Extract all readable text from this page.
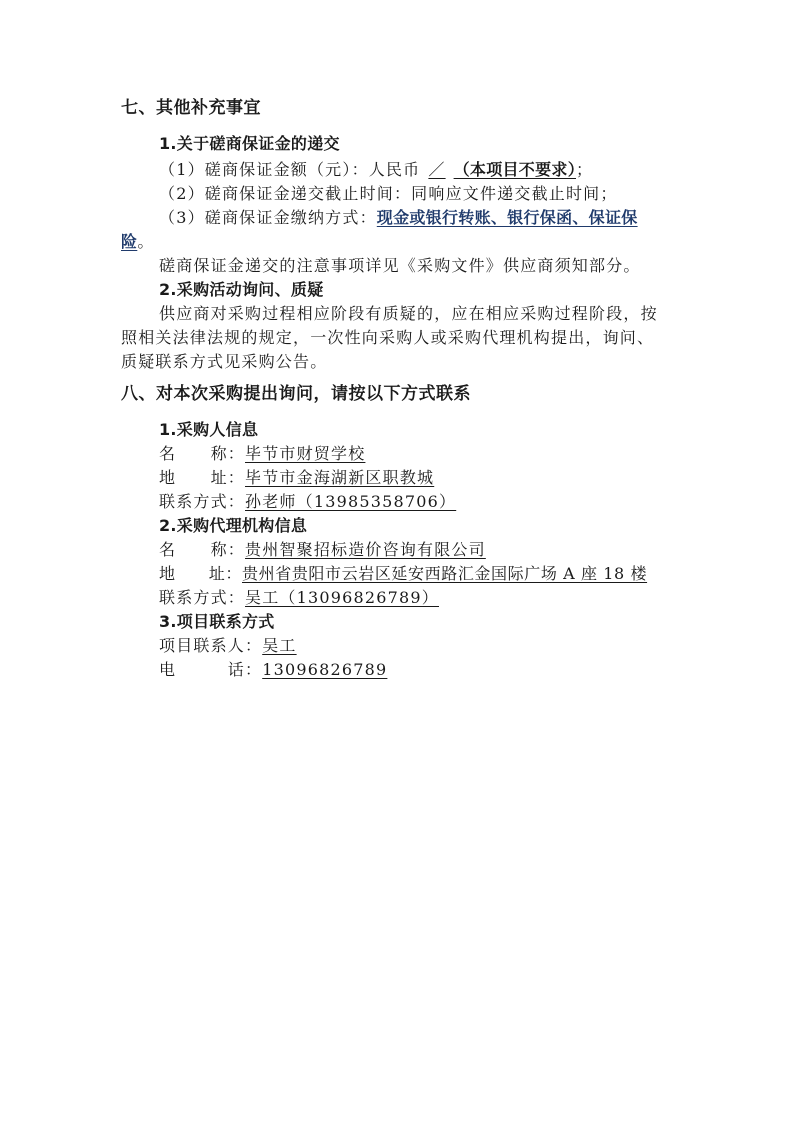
七、其他补充事宜
1.关于磋商保证金的递交
（1）磋商保证金额（元）：人民币 ／ （本项目不要求）；
（2）磋商保证金递交截止时间：同响应文件递交截止时间；
（3）磋商保证金缴纳方式：现金或银行转账、银行保函、保证保
险。
磋商保证金递交的注意事项详见《采购文件》供应商须知部分。
2.采购活动询问、质疑
供应商对采购过程相应阶段有质疑的，应在相应采购过程阶段，按
照相关法律法规的规定，一次性向采购人或采购代理机构提出，询问、
质疑联系方式见采购公告。
八、对本次采购提出询问，请按以下方式联系
1.采购人信息
名　　称：毕节市财贸学校
地　　址：毕节市金海湖新区职教城
联系方式：孙老师（13985358706）
2.采购代理机构信息
名　　称：贵州智聚招标造价咨询有限公司
地　　址：贵州省贵阳市云岩区延安西路汇金国际广场 A 座 18 楼
联系方式：吴工（13096826789）
3.项目联系方式
项目联系人：吴工
电　　　话：13096826789
